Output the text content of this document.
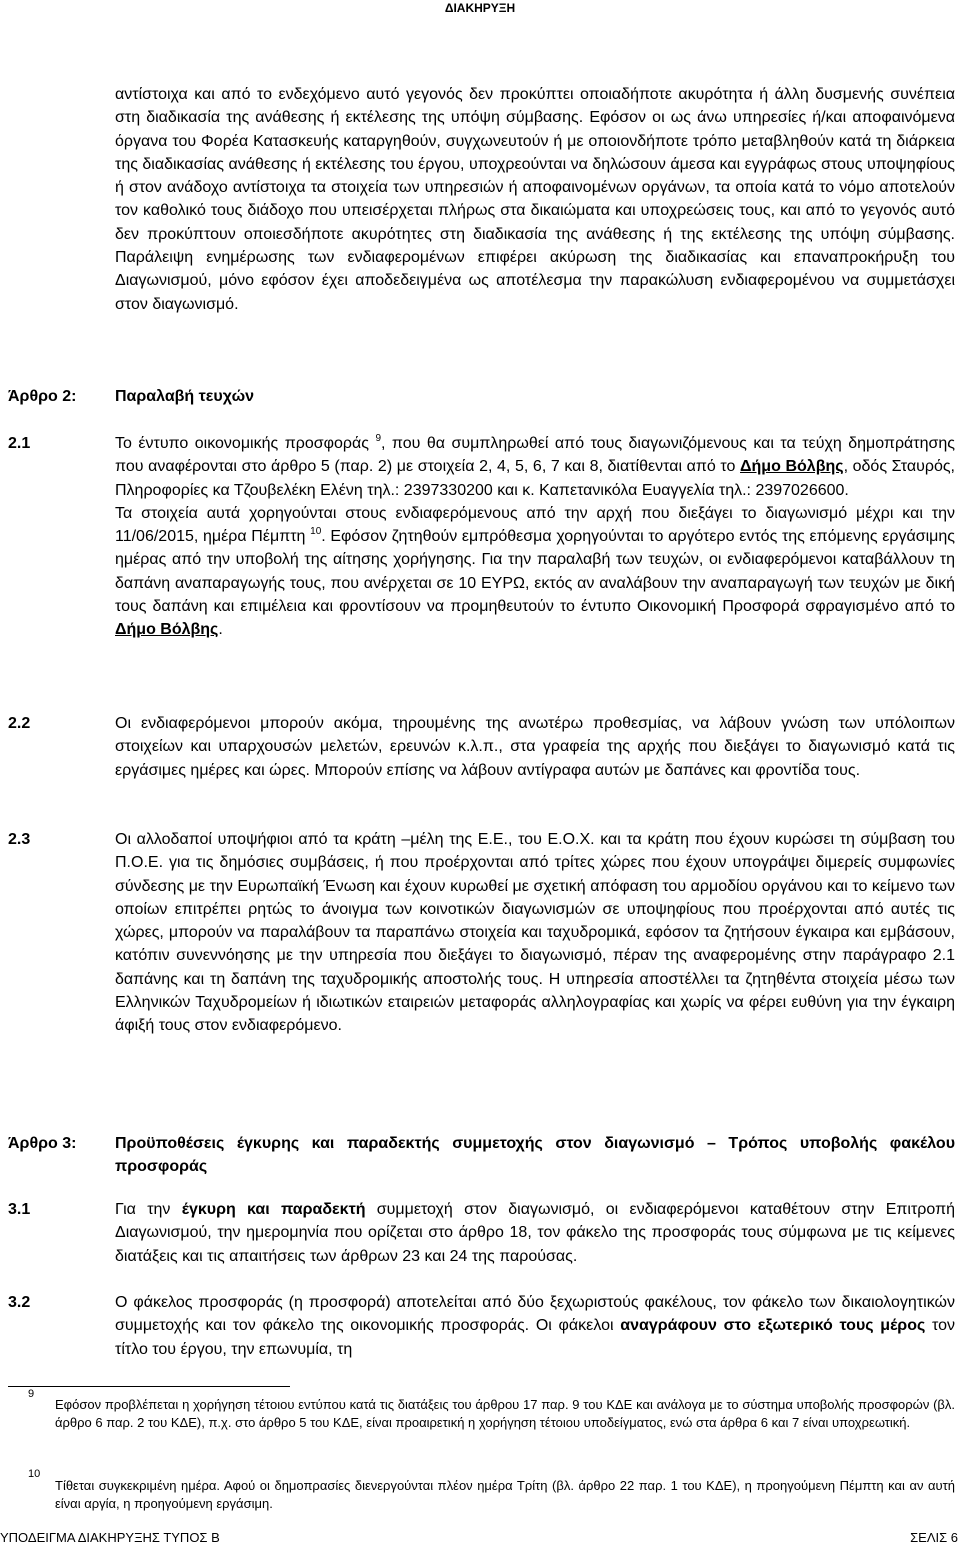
ΔΙΑΚΗΡΥΞΗ
αντίστοιχα και από το ενδεχόμενο αυτό γεγονός δεν προκύπτει οποιαδήποτε ακυρότητα ή άλλη δυσμενής συνέπεια στη διαδικασία της ανάθεσης ή εκτέλεσης της υπόψη σύμβασης. Εφόσον οι ως άνω υπηρεσίες ή/και αποφαινόμενα όργανα του Φορέα Κατασκευής καταργηθούν, συγχωνευτούν ή με οποιονδήποτε τρόπο μεταβληθούν κατά τη διάρκεια της διαδικασίας ανάθεσης ή εκτέλεσης του έργου, υποχρεούνται να δηλώσουν άμεσα και εγγράφως στους υποψηφίους ή στον ανάδοχο αντίστοιχα τα στοιχεία των υπηρεσιών ή αποφαινομένων οργάνων, τα οποία κατά το νόμο αποτελούν τον καθολικό τους διάδοχο που υπεισέρχεται πλήρως στα δικαιώματα και υποχρεώσεις τους, και από το γεγονός αυτό δεν προκύπτουν οποιεσδήποτε ακυρότητες στη διαδικασία της ανάθεσης ή της εκτέλεσης της υπόψη σύμβασης. Παράλειψη ενημέρωσης των ενδιαφερομένων επιφέρει ακύρωση της διαδικασίας και επαναπροκήρυξη του Διαγωνισμού, μόνο εφόσον έχει αποδεδειγμένα ως αποτέλεσμα την παρακώλυση ενδιαφερομένου να συμμετάσχει στον διαγωνισμό.
Άρθρο 2: Παραλαβή τευχών
2.1	Το έντυπο οικονομικής προσφοράς $^9$, που θα συμπληρωθεί από τους διαγωνιζόμενους και τα τεύχη δημοπράτησης που αναφέρονται στο άρθρο 5 (παρ. 2) με στοιχεία 2, 4, 5, 6, 7 και 8, διατίθενται από το Δήμο Βόλβης, οδός Σταυρός, Πληροφορίες κα Τζουβελέκη Ελένη τηλ.: 2397330200 και κ. Καπετανικόλα Ευαγγελία τηλ.: 2397026600.
Τα στοιχεία αυτά χορηγούνται στους ενδιαφερόμενους από την αρχή που διεξάγει το διαγωνισμό μέχρι και την 11/06/2015, ημέρα Πέμπτη $^{10}$. Εφόσον ζητηθούν εμπρόθεσμα χορηγούνται το αργότερο εντός της επόμενης εργάσιμης ημέρας από την υποβολή της αίτησης χορήγησης. Για την παραλαβή των τευχών, οι ενδιαφερόμενοι καταβάλλουν τη δαπάνη αναπαραγωγής τους, που ανέρχεται σε 10 ΕΥΡΩ, εκτός αν αναλάβουν την αναπαραγωγή των τευχών με δική τους δαπάνη και επιμέλεια και φροντίσουν να προμηθευτούν το έντυπο Οικονομική Προσφορά σφραγισμένο από το Δήμο Βόλβης.
2.2	Οι ενδιαφερόμενοι μπορούν ακόμα, τηρουμένης της ανωτέρω προθεσμίας, να λάβουν γνώση των υπόλοιπων στοιχείων και υπαρχουσών μελετών, ερευνών κ.λ.π., στα γραφεία της αρχής που διεξάγει το διαγωνισμό κατά τις εργάσιμες ημέρες και ώρες. Μπορούν επίσης να λάβουν αντίγραφα αυτών με δαπάνες και φροντίδα τους.
2.3	Οι αλλοδαποί υποψήφιοι από τα κράτη –μέλη της Ε.Ε., του Ε.Ο.Χ. και τα κράτη που έχουν κυρώσει τη σύμβαση του Π.Ο.Ε. για τις δημόσιες συμβάσεις, ή που προέρχονται από τρίτες χώρες που έχουν υπογράψει διμερείς συμφωνίες σύνδεσης με την Ευρωπαϊκή Ένωση και έχουν κυρωθεί με σχετική απόφαση του αρμοδίου οργάνου και το κείμενο των οποίων επιτρέπει ρητώς το άνοιγμα των κοινοτικών διαγωνισμών σε υποψηφίους που προέρχονται από αυτές τις χώρες, μπορούν να παραλάβουν τα παραπάνω στοιχεία και ταχυδρομικά, εφόσον τα ζητήσουν έγκαιρα και εμβάσουν, κατόπιν συνεννόησης με την υπηρεσία που διεξάγει το διαγωνισμό, πέραν της αναφερομένης στην παράγραφο 2.1 δαπάνης και τη δαπάνη της ταχυδρομικής αποστολής τους. Η υπηρεσία αποστέλλει τα ζητηθέντα στοιχεία μέσω των Ελληνικών Ταχυδρομείων ή ιδιωτικών εταιρειών μεταφοράς αλληλογραφίας και χωρίς να φέρει ευθύνη για την έγκαιρη άφιξή τους στον ενδιαφερόμενο.
Άρθρο 3: Προϋποθέσεις έγκυρης και παραδεκτής συμμετοχής στον διαγωνισμό – Τρόπος υποβολής φακέλου προσφοράς
3.1	Για την έγκυρη και παραδεκτή συμμετοχή στον διαγωνισμό, οι ενδιαφερόμενοι καταθέτουν στην Επιτροπή Διαγωνισμού, την ημερομηνία που ορίζεται στο άρθρο 18, τον φάκελο της προσφοράς τους σύμφωνα με τις κείμενες διατάξεις και τις απαιτήσεις των άρθρων 23 και 24 της παρούσας.
3.2	Ο φάκελος προσφοράς (η προσφορά) αποτελείται από δύο ξεχωριστούς φακέλους, τον φάκελο των δικαιολογητικών συμμετοχής και τον φάκελο της οικονομικής προσφοράς. Οι φάκελοι αναγράφουν στο εξωτερικό τους μέρος τον τίτλο του έργου, την επωνυμία, τη
9
Εφόσον προβλέπεται η χορήγηση τέτοιου εντύπου κατά τις διατάξεις του άρθρου 17 παρ. 9 του ΚΔΕ και ανάλογα με το σύστημα υποβολής προσφορών (βλ. άρθρο 6 παρ. 2 του ΚΔΕ), π.χ. στο άρθρο 5 του ΚΔΕ, είναι προαιρετική η χορήγηση τέτοιου υποδείγματος, ενώ στα άρθρα 6 και 7 είναι υποχρεωτική.
10
Τίθεται συγκεκριμένη ημέρα. Αφού οι δημοπρασίες διενεργούνται πλέον ημέρα Τρίτη (βλ. άρθρο 22 παρ. 1 του ΚΔΕ), η προηγούμενη Πέμπτη και αν αυτή είναι αργία, η προηγούμενη εργάσιμη.
ΥΠΟΔΕΙΓΜΑ ΔΙΑΚΗΡΥΞΗΣ ΤΥΠΟΣ Β	ΣΕΛΙΣ 6
